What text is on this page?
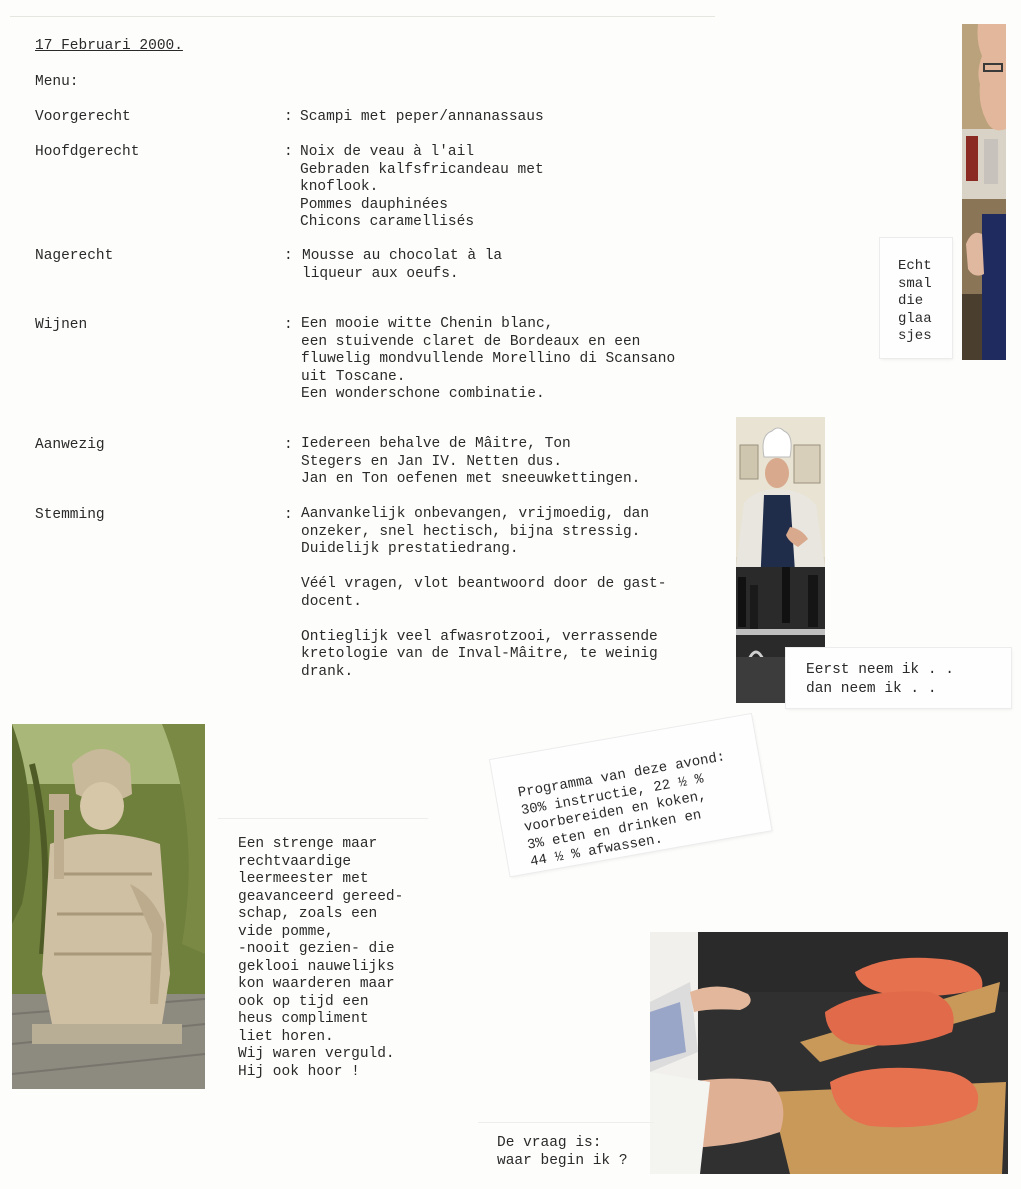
17 Februari 2000.
Menu:
Voorgerecht	: Scampi met peper/annanassaus
Hoofdgerecht	: Noix de veau à l'ail
Gebraden kalfsfricandeau met
knoflook.
Pommes dauphinées
Chicons caramellisés
Nagerecht	: Mousse au chocolat à la
liqueur aux oeufs.
Wijnen	: Een mooie witte Chenin blanc,
een stuivende claret de Bordeaux en een
fluwelig mondvullende Morellino di Scansano
uit Toscane.
Een wonderschone combinatie.
Aanwezig	: Iedereen behalve de Mâitre, Ton
Stegers en Jan IV. Netten dus.
Jan en Ton oefenen met sneeuwkettingen.
Stemming	: Aanvankelijk onbevangen, vrijmoedig, dan
onzeker, snel hectisch, bijna stressig.
Duidelijk prestatiedrang.
Véél vragen, vlot beantwoord door de gast-
docent.
Ontieglijk veel afwasrotzooi, verrassende
kretologie van de Inval-Mâitre, te weinig
drank.
Echt
smal
die
glaa
sjes
Eerst neem ik . .
dan neem ik . .
Een strenge maar
rechtvaardige
leermeester met
geavanceerd gereed-
schap, zoals een
vide pomme,
-nooit gezien- die
geklooi nauwelijks
kon waarderen maar
ook op tijd een
heus compliment
liet horen.
Wij waren verguld.
Hij ook hoor !
Programma van deze avond:
30% instructie, 22 ½ %
voorbereiden en koken,
3% eten en drinken en
44 ½ % afwassen.
De vraag is:
waar begin ik ?
